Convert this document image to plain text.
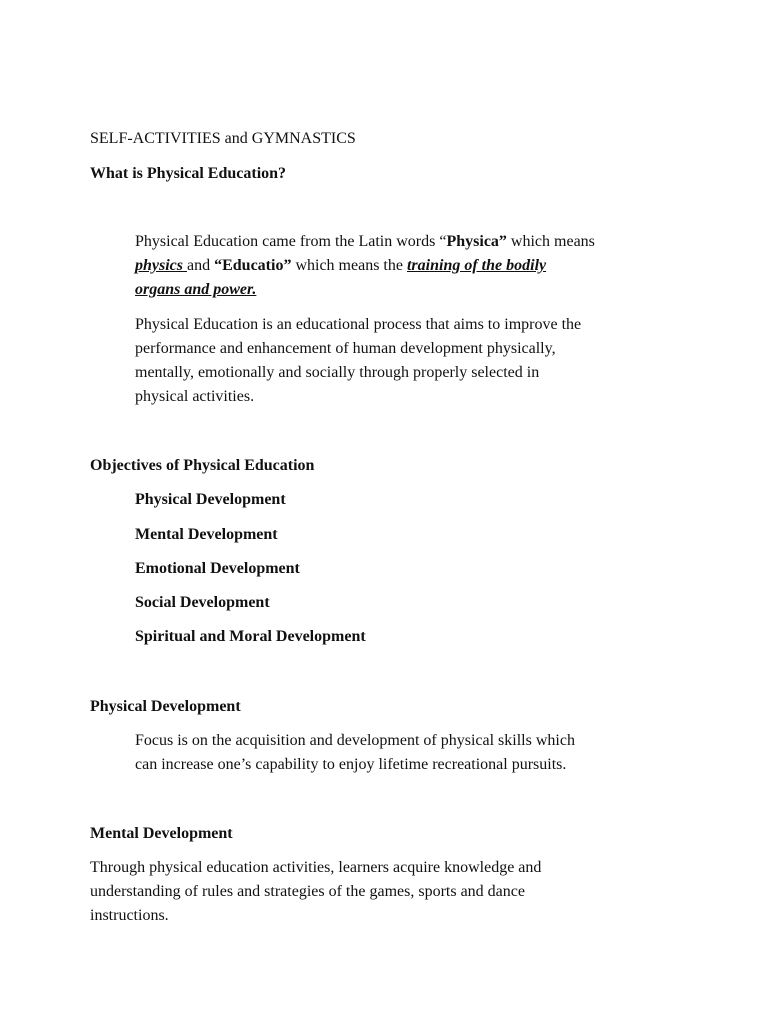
SELF-ACTIVITIES and GYMNASTICS
What is Physical Education?
Physical Education came from the Latin words “Physica” which means
physics and “Educatio” which means the training of the bodily
organs and power.
Physical Education is an educational process that aims to improve the
performance and enhancement of human development physically,
mentally, emotionally and socially through properly selected in
physical activities.
Objectives of Physical Education
Physical Development
Mental Development
Emotional Development
Social Development
Spiritual and Moral Development
Physical Development
Focus is on the acquisition and development of physical skills which
can increase one’s capability to enjoy lifetime recreational pursuits.
Mental Development
Through physical education activities, learners acquire knowledge and
understanding of rules and strategies of the games, sports and dance
instructions.
